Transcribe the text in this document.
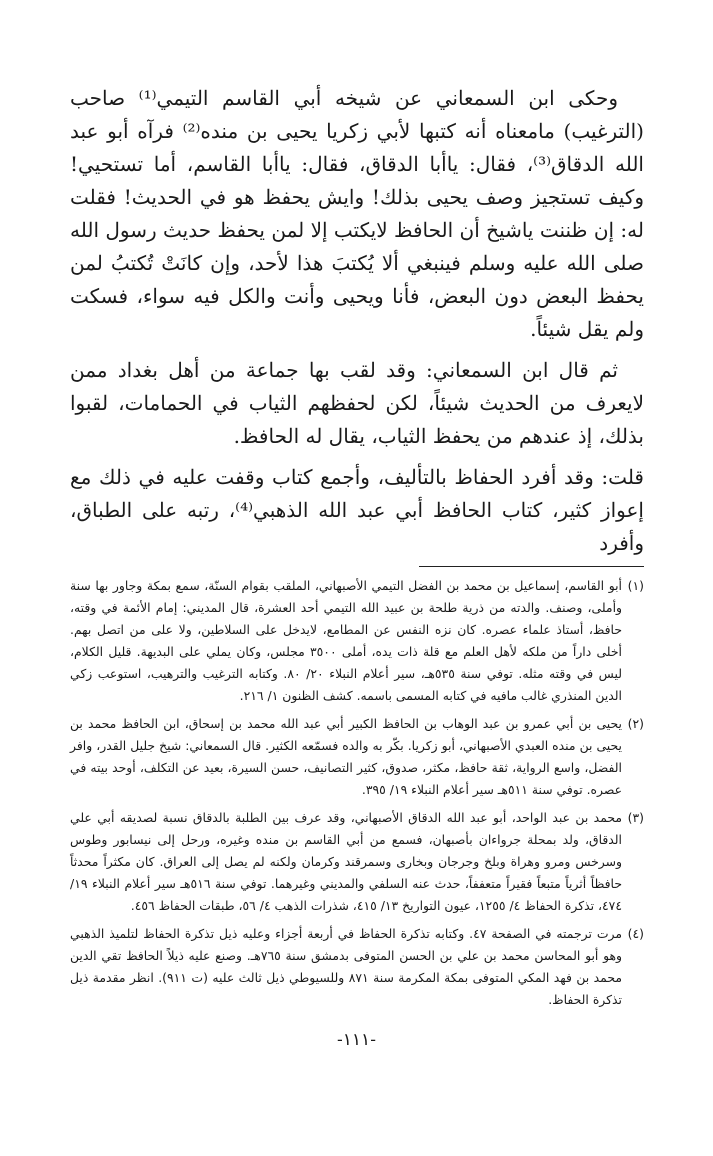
وحكى ابن السمعاني عن شيخه أبي القاسم التيمي⁽¹⁾ صاحب (الترغيب) مامعناه أنه كتبها لأبي زكريا يحيى بن منده⁽²⁾ فرآه أبو عبد الله الدقاق⁽³⁾، فقال: ياأبا الدقاق، فقال: ياأبا القاسم، أما تستحيي! وكيف تستجيز وصف يحيى بذلك! وايش يحفظ هو في الحديث! فقلت له: إن ظننت ياشيخ أن الحافظ لايكتب إلا لمن يحفظ حديث رسول الله صلى الله عليه وسلم فينبغي ألا يُكتبَ هذا لأحد، وإن كانَتْ تُكتبُ لمن يحفظ البعض دون البعض، فأنا ويحيى وأنت والكل فيه سواء، فسكت ولم يقل شيئاً.

ثم قال ابن السمعاني: وقد لقب بها جماعة من أهل بغداد ممن لايعرف من الحديث شيئاً، لكن لحفظهم الثياب في الحمامات، لقبوا بذلك، إذ عندهم من يحفظ الثياب، يقال له الحافظ.

قلت: وقد أفرد الحفاظ بالتأليف، وأجمع كتاب وقفت عليه في ذلك مع إعواز كثير، كتاب الحافظ أبي عبد الله الذهبي⁽⁴⁾، رتبه على الطباق، وأفرد

(١)
أبو القاسم، إسماعيل بن محمد بن الفضل التيمي الأصبهاني، الملقب بقوام السنّة، سمع بمكة وجاور بها سنة وأملى، وصنف. والدته من ذرية طلحة بن عبيد الله التيمي أحد العشرة، قال المديني: إمام الأئمة في وقته، حافظ، أستاذ علماء عصره. كان نزه النفس عن المطامع، لايدخل على السلاطين، ولا على من اتصل بهم. أخلى داراً من ملكه لأهل العلم مع قلة ذات يده، أملى ٣٥٠٠ مجلس، وكان يملي على البديهة. قليل الكلام، ليس في وقته مثله. توفي سنة ٥٣٥هـ، سير أعلام النبلاء ٢٠/ ٨٠. وكتابه الترغيب والترهيب، استوعب زكي الدين المنذري غالب مافيه في كتابه المسمى باسمه. كشف الظنون ١/ ٢١٦.
(٢)
يحيى بن أبي عمرو بن عبد الوهاب بن الحافظ الكبير أبي عبد الله محمد بن إسحاق، ابن الحافظ محمد بن يحيى بن منده العبدي الأصبهاني، أبو زكريا. بكّر به والده فسمّعه الكثير. قال السمعاني: شيخ جليل القدر، وافر الفضل، واسع الرواية، ثقة حافظ، مكثر، صدوق، كثير التصانيف، حسن السيرة، بعيد عن التكلف، أوحد بيته في عصره. توفي سنة ٥١١هـ سير أعلام النبلاء ١٩/ ٣٩٥.
(٣)
محمد بن عبد الواحد، أبو عبد الله الدقاق الأصبهاني، وقد عرف بين الطلبة بالدقاق نسبة لصديقه أبي علي الدقاق، ولد بمحلة جرواءان بأصبهان، فسمع من أبي القاسم بن منده وغيره، ورحل إلى نيسابور وطوس وسرخس ومرو وهراة وبلخ وجرجان وبخارى وسمرقند وكرمان ولكنه لم يصل إلى العراق. كان مكثراً محدثاً حافظاً أثرياً متبعاً فقيراً متعففاً، حدث عنه السلفي والمديني وغيرهما. توفي سنة ٥١٦هـ سير أعلام النبلاء ١٩/ ٤٧٤، تذكرة الحفاظ ٤/ ١٢٥٥، عيون التواريخ ١٣/ ٤١٥، شذرات الذهب ٤/ ٥٦، طبقات الحفاظ ٤٥٦.
(٤)
مرت ترجمته في الصفحة ٤٧. وكتابه تذكرة الحفاظ في أربعة أجزاء وعليه ذيل تذكرة الحفاظ لتلميذ الذهبي وهو أبو المحاسن محمد بن علي بن الحسن المتوفى بدمشق سنة ٧٦٥هـ. وصنع عليه ذيلاً الحافظ تقي الدين محمد بن فهد المكي المتوفى بمكة المكرمة سنة ٨٧١ وللسيوطي ذيل ثالث عليه (ت ٩١١). انظر مقدمة ذيل تذكرة الحفاظ.
-١١١-
